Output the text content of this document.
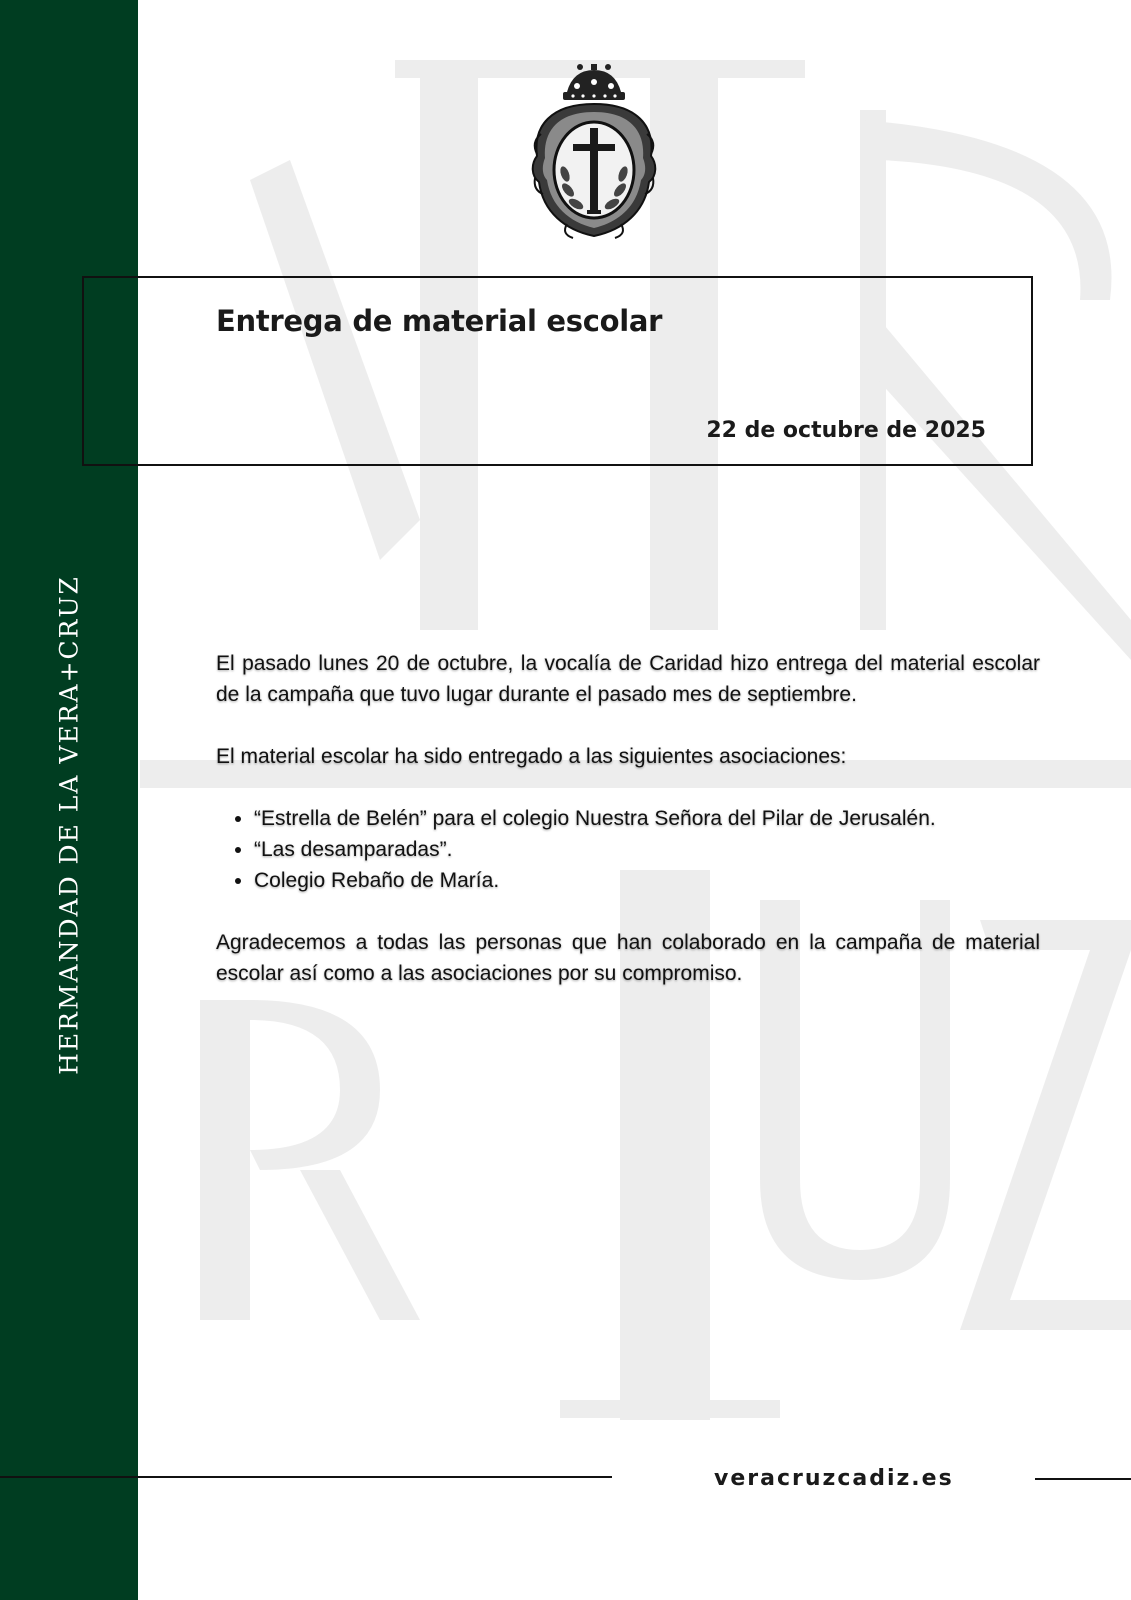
HERMANDAD DE LA VERA+CRUZ
Entrega de material escolar
22 de octubre de 2025

El pasado lunes 20 de octubre, la vocalía de Caridad hizo entrega del material escolar de la campaña que tuvo lugar durante el pasado mes de septiembre.

El material escolar ha sido entregado a las siguientes asociaciones:

• “Estrella de Belén” para el colegio Nuestra Señora del Pilar de Jerusalén.
• “Las desamparadas”.
• Colegio Rebaño de María.

Agradecemos a todas las personas que han colaborado en la campaña de material escolar así como a las asociaciones por su compromiso.

veracruzcadiz.es
